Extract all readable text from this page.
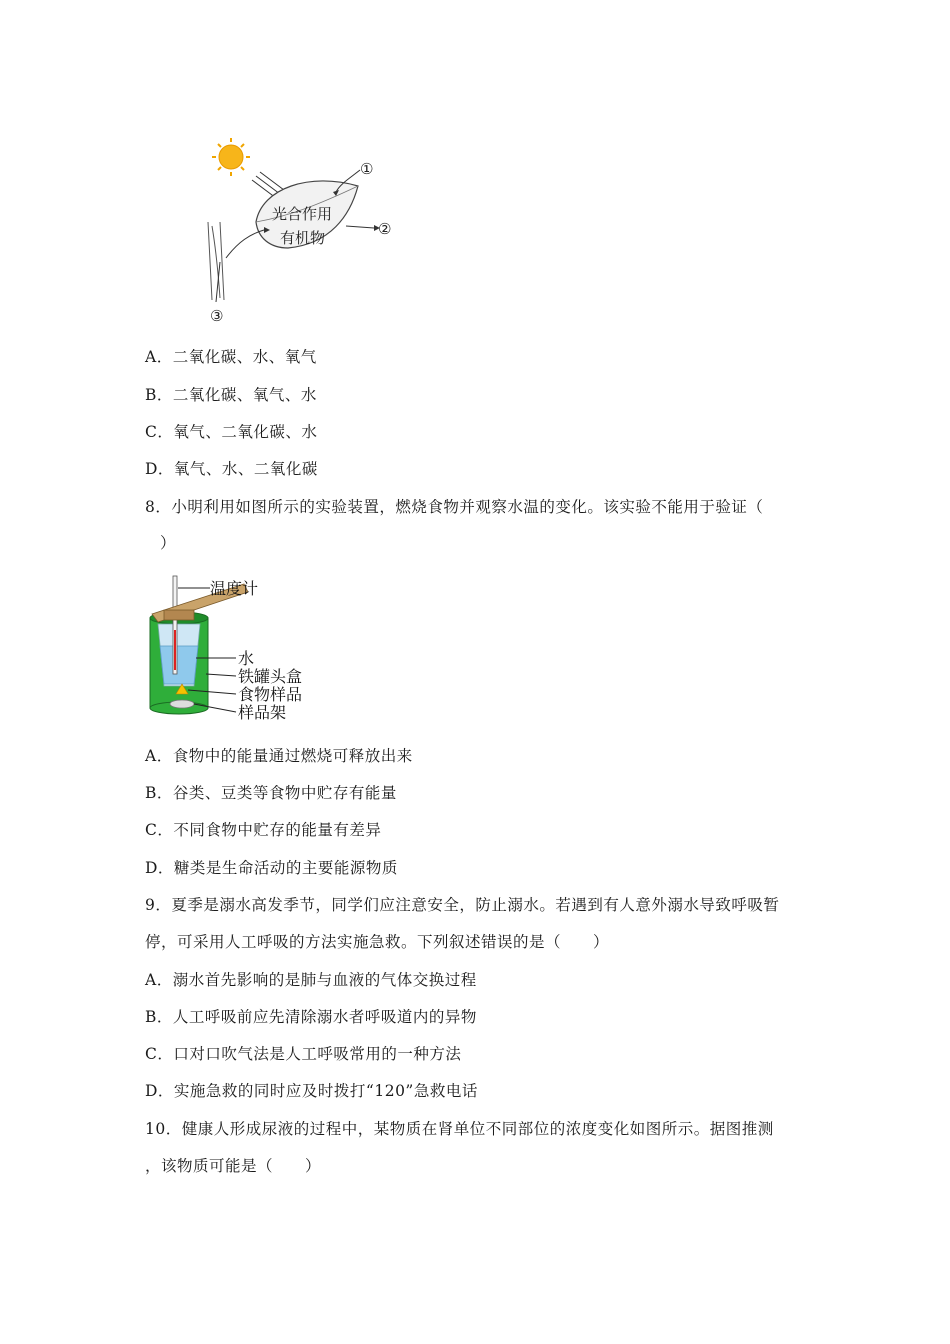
光合作用
有机物
①
②
③
A．二氧化碳、水、氧气
B．二氧化碳、氧气、水
C．氧气、二氧化碳、水
D．氧气、水、二氧化碳
8．小明利用如图所示的实验装置，燃烧食物并观察水温的变化。该实验不能用于验证（
）
温度计
水
铁罐头盒
食物样品
样品架
A．食物中的能量通过燃烧可释放出来
B．谷类、豆类等食物中贮存有能量
C．不同食物中贮存的能量有差异
D．糖类是生命活动的主要能源物质
9．夏季是溺水高发季节，同学们应注意安全，防止溺水。若遇到有人意外溺水导致呼吸暂
停，可采用人工呼吸的方法实施急救。下列叙述错误的是（　　）
A．溺水首先影响的是肺与血液的气体交换过程
B．人工呼吸前应先清除溺水者呼吸道内的异物
C．口对口吹气法是人工呼吸常用的一种方法
D．实施急救的同时应及时拨打“120”急救电话
10．健康人形成尿液的过程中，某物质在肾单位不同部位的浓度变化如图所示。据图推测
，该物质可能是（　　）
